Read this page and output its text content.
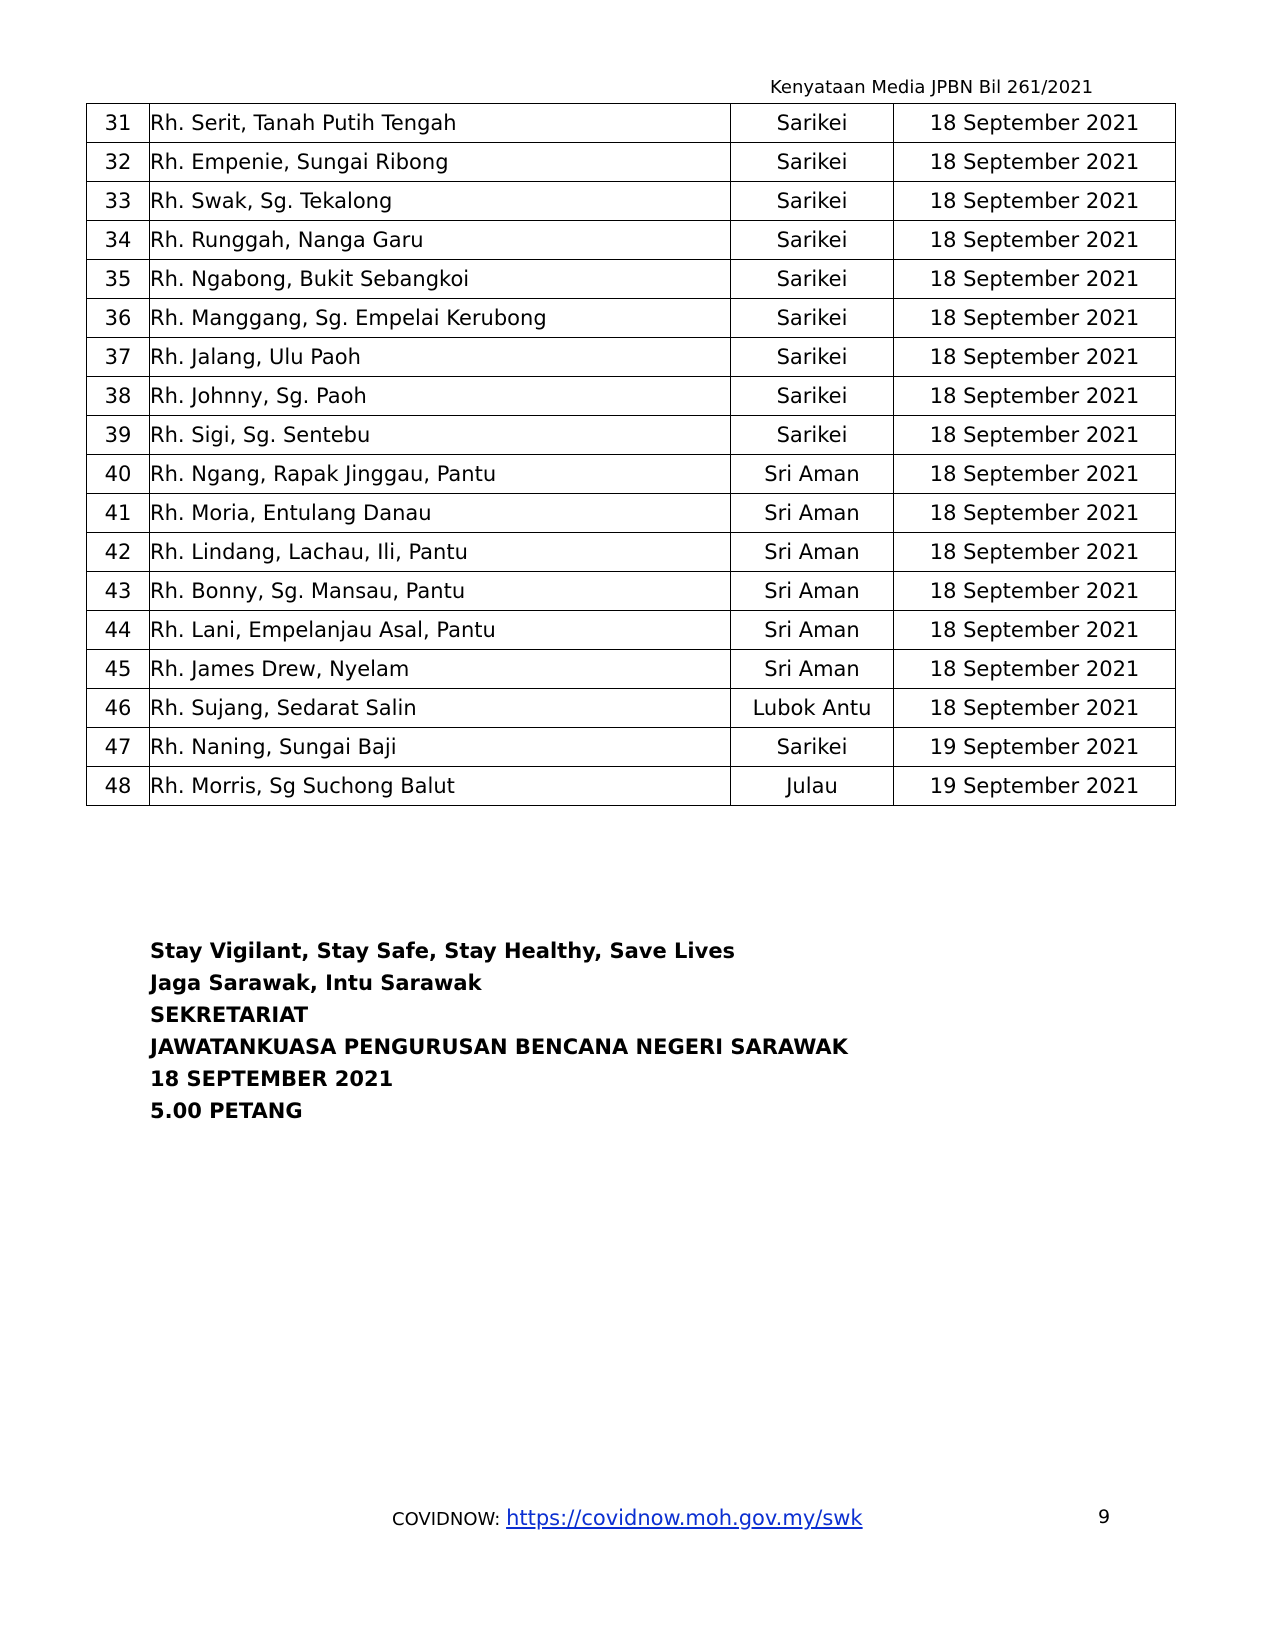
Kenyataan Media JPBN Bil 261/2021
31	Rh. Serit, Tanah Putih Tengah	Sarikei	18 September 2021
32	Rh. Empenie, Sungai Ribong	Sarikei	18 September 2021
33	Rh. Swak, Sg. Tekalong	Sarikei	18 September 2021
34	Rh. Runggah, Nanga Garu	Sarikei	18 September 2021
35	Rh. Ngabong, Bukit Sebangkoi	Sarikei	18 September 2021
36	Rh. Manggang, Sg. Empelai Kerubong	Sarikei	18 September 2021
37	Rh. Jalang, Ulu Paoh	Sarikei	18 September 2021
38	Rh. Johnny, Sg. Paoh	Sarikei	18 September 2021
39	Rh. Sigi, Sg. Sentebu	Sarikei	18 September 2021
40	Rh. Ngang, Rapak Jinggau, Pantu	Sri Aman	18 September 2021
41	Rh. Moria, Entulang Danau	Sri Aman	18 September 2021
42	Rh. Lindang, Lachau, Ili, Pantu	Sri Aman	18 September 2021
43	Rh. Bonny, Sg. Mansau, Pantu	Sri Aman	18 September 2021
44	Rh. Lani, Empelanjau Asal, Pantu	Sri Aman	18 September 2021
45	Rh. James Drew, Nyelam	Sri Aman	18 September 2021
46	Rh. Sujang, Sedarat Salin	Lubok Antu	18 September 2021
47	Rh. Naning, Sungai Baji	Sarikei	19 September 2021
48	Rh. Morris, Sg Suchong Balut	Julau	19 September 2021
Stay Vigilant, Stay Safe, Stay Healthy, Save Lives
Jaga Sarawak, Intu Sarawak
SEKRETARIAT
JAWATANKUASA PENGURUSAN BENCANA NEGERI SARAWAK
18 SEPTEMBER 2021
5.00 PETANG
COVIDNOW: https://covidnow.moh.gov.my/swk	9
